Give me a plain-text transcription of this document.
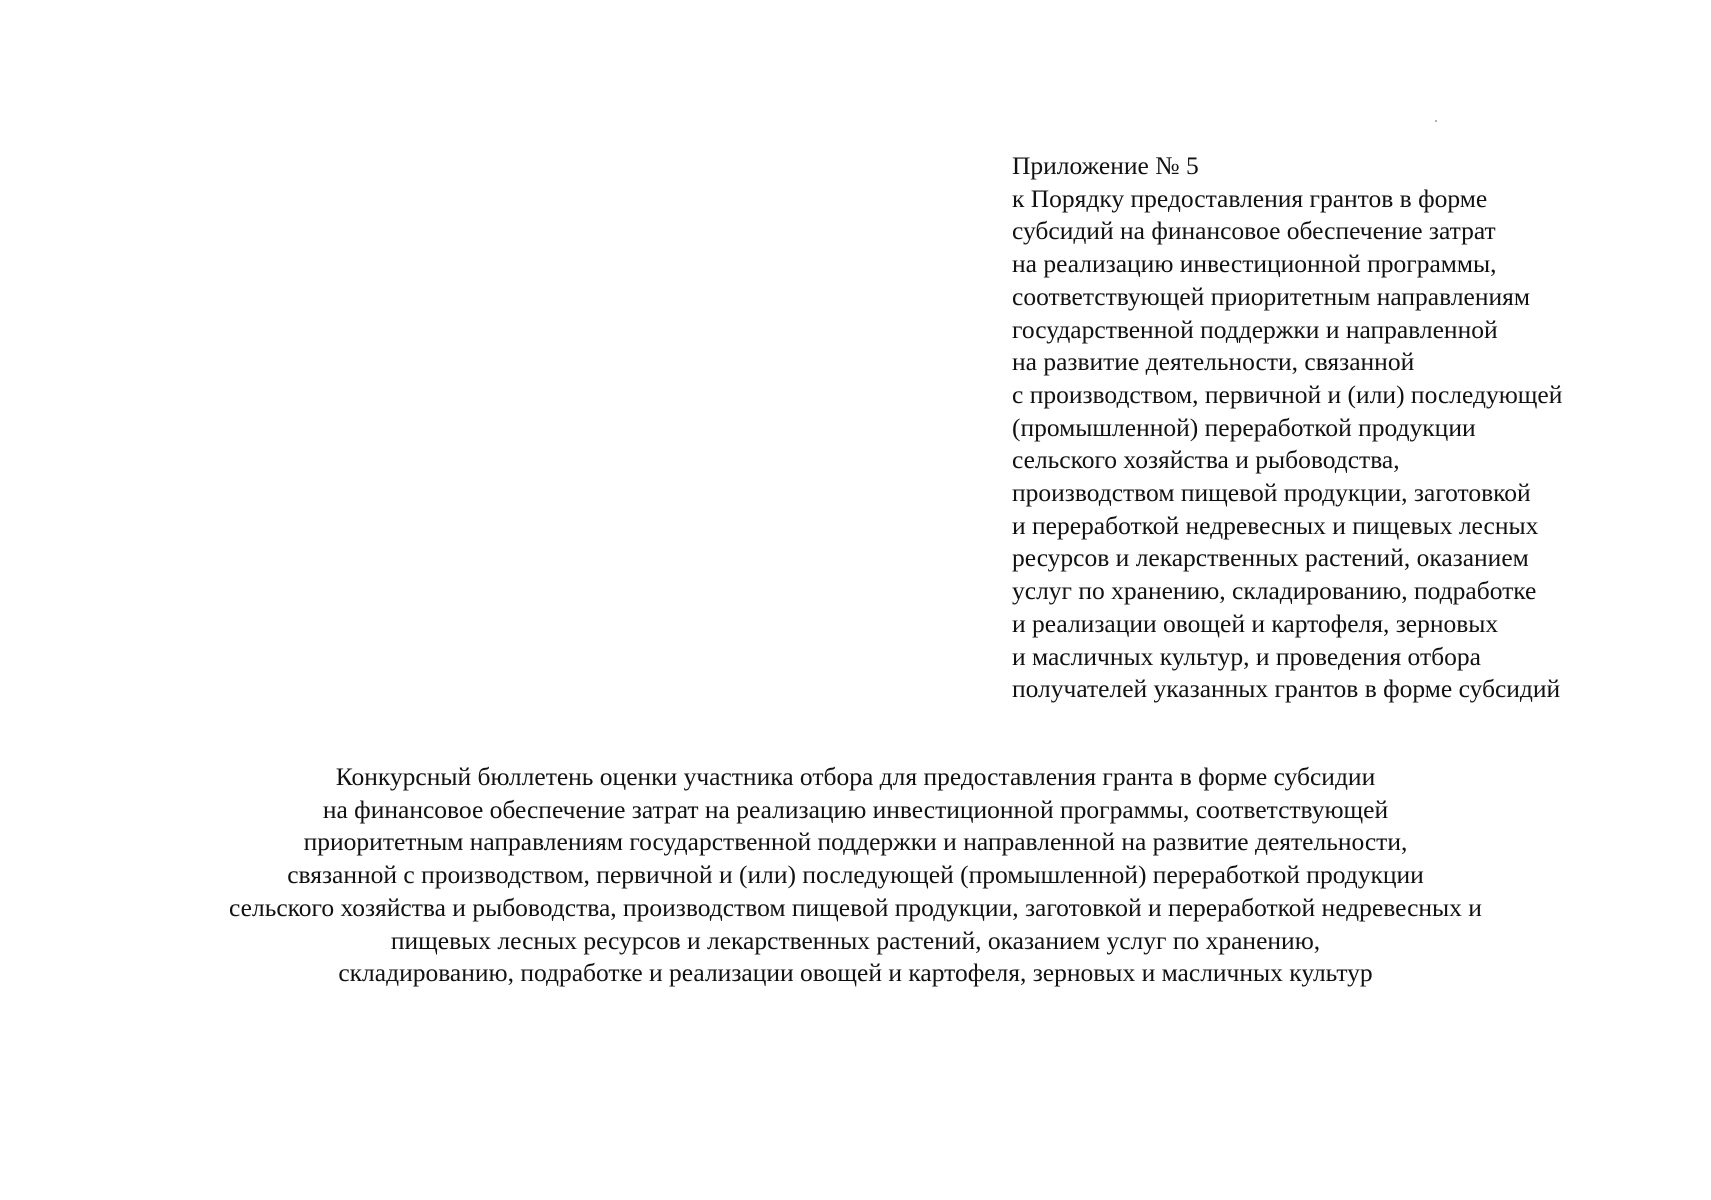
Приложение № 5
к Порядку предоставления грантов в форме
субсидий на финансовое обеспечение затрат
на реализацию инвестиционной программы,
соответствующей приоритетным направлениям
государственной поддержки и направленной
на развитие деятельности, связанной
с производством, первичной и (или) последующей
(промышленной) переработкой продукции
сельского хозяйства и рыбоводства,
производством пищевой продукции, заготовкой
и переработкой недревесных и пищевых лесных
ресурсов и лекарственных растений, оказанием
услуг по хранению, складированию, подработке
и реализации овощей и картофеля, зерновых
и масличных культур, и проведения отбора
получателей указанных грантов в форме субсидий
Конкурсный бюллетень оценки участника отбора для предоставления гранта в форме субсидии
на финансовое обеспечение затрат на реализацию инвестиционной программы, соответствующей
приоритетным направлениям государственной поддержки и направленной на развитие деятельности,
связанной с производством, первичной и (или) последующей (промышленной) переработкой продукции
сельского хозяйства и рыбоводства, производством пищевой продукции, заготовкой и переработкой недревесных и
пищевых лесных ресурсов и лекарственных растений, оказанием услуг по хранению,
складированию, подработке и реализации овощей и картофеля, зерновых и масличных культур
